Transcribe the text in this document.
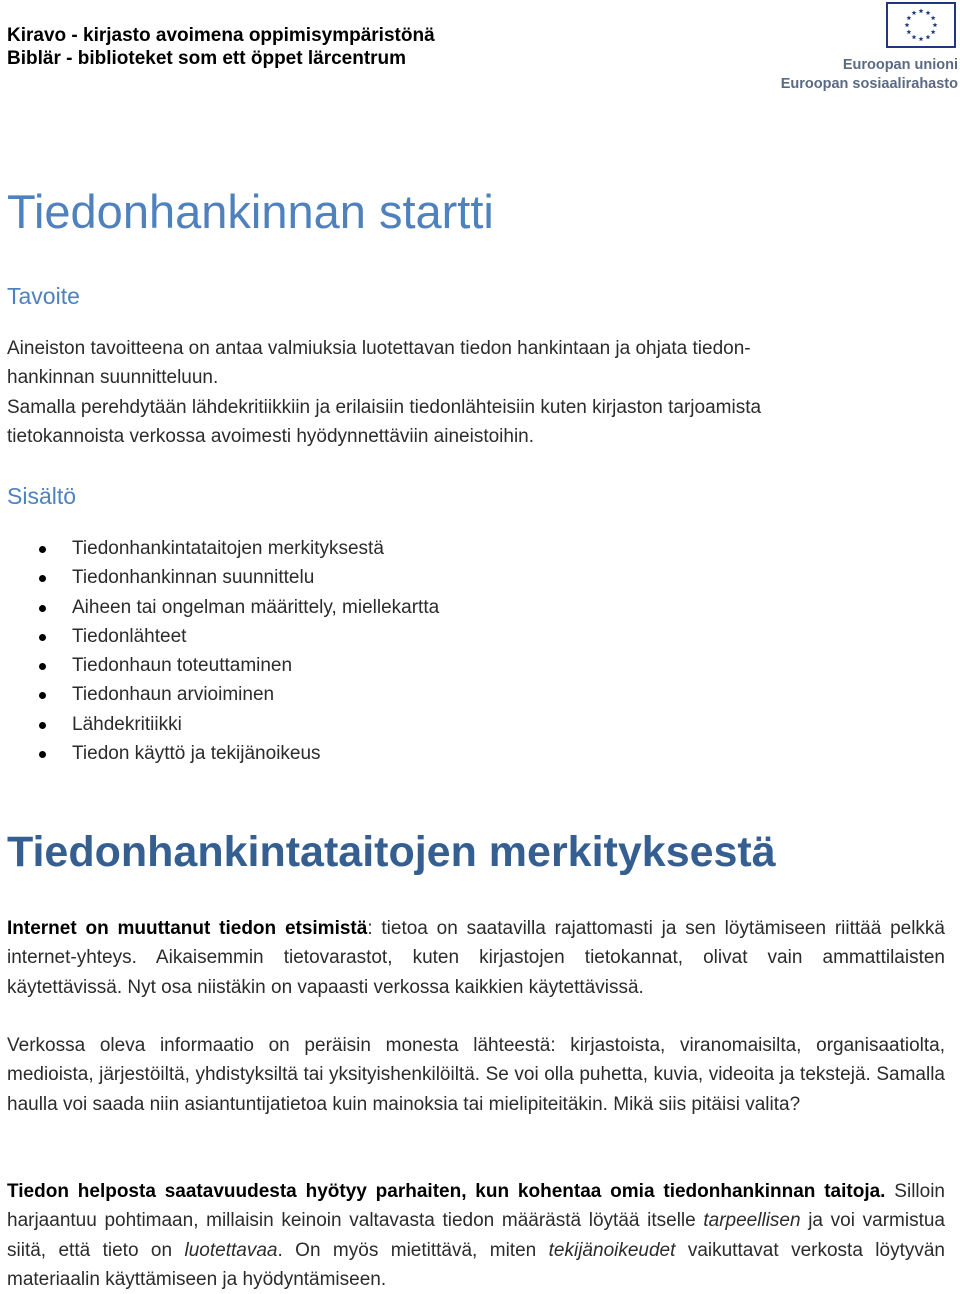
Kiravo - kirjasto avoimena oppimisympäristönä
Biblär - biblioteket som ett öppet lärcentrum	Euroopan unioni
Euroopan sosiaalirahasto
Tiedonhankinnan startti
Tavoite
Aineiston tavoitteena on antaa valmiuksia luotettavan tiedon hankintaan ja ohjata tiedon-
hankinnan suunnitteluun.
Samalla perehdytään lähdekritiikkiin ja erilaisiin tiedonlähteisiin kuten kirjaston tarjoamista
tietokannoista verkossa avoimesti hyödynnettäviin aineistoihin.
Sisältö
Tiedonhankintataitojen merkityksestä
Tiedonhankinnan suunnittelu
Aiheen tai ongelman määrittely, miellekartta
Tiedonlähteet
Tiedonhaun toteuttaminen
Tiedonhaun arvioiminen
Lähdekritiikki
Tiedon käyttö ja tekijänoikeus
Tiedonhankintataitojen merkityksestä

Internet on muuttanut tiedon etsimistä: tietoa on saatavilla rajattomasti ja sen löytämiseen riittää pelkkä internet-yhteys. Aikaisemmin tietovarastot, kuten kirjastojen tietokannat, olivat vain ammattilaisten käytettävissä. Nyt osa niistäkin on vapaasti verkossa kaikkien käytettävissä.

Verkossa oleva informaatio on peräisin monesta lähteestä: kirjastoista, viranomaisilta, organisaatiolta, medioista, järjestöiltä, yhdistyksiltä tai yksityishenkilöiltä. Se voi olla puhetta, kuvia, videoita ja tekstejä. Samalla haulla voi saada niin asiantuntijatietoa kuin mainoksia tai mielipiteitäkin. Mikä siis pitäisi valita?

Tiedon helposta saatavuudesta hyötyy parhaiten, kun kohentaa omia tiedonhankinnan taitoja. Silloin harjaantuu pohtimaan, millaisin keinoin valtavasta tiedon määrästä löytää itselle tarpeellisen ja voi varmistua siitä, että tieto on luotettavaa. On myös mietittävä, miten tekijänoikeudet vaikuttavat verkosta löytyvän materiaalin käyttämiseen ja hyödyntämiseen.
